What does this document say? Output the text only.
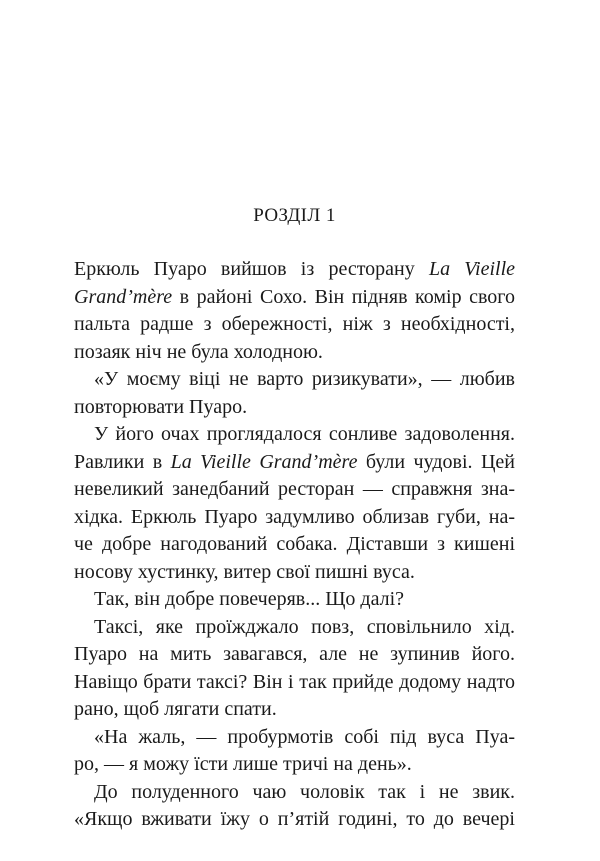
РОЗДІЛ 1
Еркюль Пуаро вийшов із ресторану La Vieille
Grand’mère в районі Сохо. Він підняв комір свого
пальта радше з обережності, ніж з необхідності,
позаяк ніч не була холодною.
«У моєму віці не варто ризикувати», — любив
повторювати Пуаро.
У його очах проглядалося сонливе задоволення.
Равлики в La Vieille Grand’mère були чудові. Цей
невеликий занедбаний ресторан — справжня зна-
хідка. Еркюль Пуаро задумливо облизав губи, на-
че добре нагодований собака. Діставши з кишені
носову хустинку, витер свої пишні вуса.
Так, він добре повечеряв... Що далі?
Таксі, яке проїжджало повз, сповільнило хід.
Пуаро на мить завагався, але не зупинив його.
Навіщо брати таксі? Він і так прийде додому надто
рано, щоб лягати спати.
«На жаль, — пробурмотів собі під вуса Пуа-
ро, — я можу їсти лише тричі на день».
До полуденного чаю чоловік так і не звик.
«Якщо вживати їжу о п’ятій годині, то до вечері
